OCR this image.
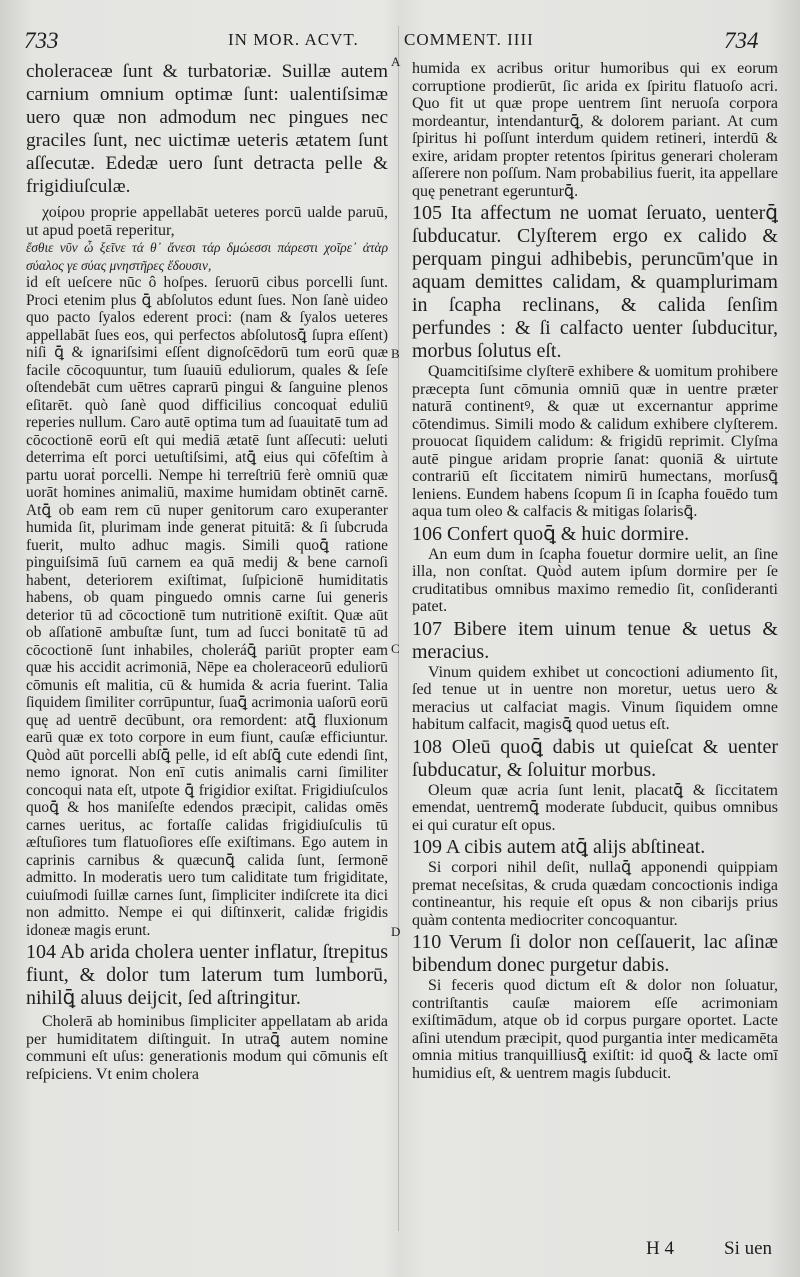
733	IN MOR. ACVT.	COMMENT. IIII	734

choleraceæ ſunt & turbatoriæ. Suillæ autem carnium omnium optimæ ſunt: ualentiſsimæ uero quæ non admodum nec pingues nec graciles ſunt, nec uictimæ ueteris ætatem ſunt aſſecutæ. Ededæ uero ſunt detracta pelle & frigidiuſculæ.

χοίρου proprie appellabāt ueteres porcū ualde paruū, ut apud poetā reperitur,

ἔσθιε νῦν ὦ ξεῖνε τά θ᾽ ἄνεσι τάρ δμώεσσι πάρεστι χοῖρε᾽ ἀτὰρ σύαλος γε σύας μνηστῆρες ἔδουσιν,

id eſt ueſcere nūc ô hoſpes. ſeruorū cibus porcelli ſunt. Proci etenim plus ꝗ̄ abſolutos edunt ſues. Non ſanè uideo quo pacto ſyalos ederent proci: (nam & ſyalos ueteres appellabāt ſues eos, qui perfectos abſolutosꝗ̄ ſupra eſſent) niſi ꝗ̄ & ignariſsimi eſſent dignoſcēdorū tum eorū quæ facile cōcoquuntur, tum ſuauiū eduliorum, quales & ſeſe oſtendebāt cum uētres caprarū pingui & ſanguine plenos eſitarēt. quò ſanè quod difficilius concoquaṫ eduliū reperies nullum. Caro autē optima tum ad ſuauitatē tum ad cōcoctionē eorū eſt qui mediā ætatē ſunt aſſecuti: ueluti deterrima eſt porci uetuſtiſsimi, atꝗ̄ eius qui cōfeſtim à partu uoraṫ porcelli. Nempe hi terreſtriū ferè omniū quæ uorāt homines animaliū, maxime humidam obtinēt carnē. Atꝗ̄ ob eam rem cū nuper genitorum caro exuperanter humida ſit, plurimam inde generat pituitā: & ſi ſubcruda fuerit, multo adhuc magis. Simili quoꝗ̄ ratione pinguiſsimā ſuū carnem ea quā medij & bene carnoſi habent, deteriorem exiſtimat, ſuſpicionē humiditatis habens, ob quam pinguedo omnis carne ſui generis deterior tū ad cōcoctionē tum nutritionē exiſtit. Quæ aūt ob aſſationē ambuſtæ ſunt, tum ad ſucci bonitatē tū ad cōcoctionē ſunt inhabiles, choleráꝗ̄ pariūt propter eam quæ his accidit acrimoniā, Nēpe ea choleraceorū eduliorū cōmunis eſt malitia, cū & humida & acria fuerint. Talia ſiquidem ſimiliter corrūpuntur, ſuaꝗ̄ acrimonia uaſorū eorū quę ad uentrē decūbunt, ora remordent: atꝗ̄ fluxionum earū quæ ex toto corpore in eum fiunt, cauſæ efficiuntur. Quòd aūt porcelli abſꝗ̄ pelle, id eſt abſꝗ̄ cute edendi ſint, nemo ignorat. Non enī cutis animalis carni ſimiliter concoqui nata eſt, utpote ꝗ̄ frigidior exiſtat. Frigidiuſculos quoꝗ̄ & hos maniſeſte edendos præcipit, calidas omēs carnes ueritus, ac fortaſſe calidas frigidiuſculis tū æſtuſiores tum flatuoſiores eſſe exiſtimans. Ego autem in caprinis carnibus & quæcunꝗ̄ calida ſunt, ſermonē admitto. In moderatis uero tum caliditate tum frigiditate, cuiuſmodi ſuillæ carnes ſunt, ſimpliciter indiſcrete ita dici non admitto. Nempe ei qui diſtinxerit, calidæ frigidis idoneæ magis erunt.

104 Ab arida cholera uenter inflatur, ſtrepitus fiunt, & dolor tum laterum tum lumborū, nihilꝗ̄ aluus deijcit, ſed aſtringitur.

Cholerā ab hominibus ſimpliciter appellatam ab arida per humiditatem diſtinguit. In utraꝗ̄ autem nomine communi eſt uſus: generationis modum qui cōmunis eſt reſpiciens. Vt enim cholera

A
B
C
D

humida ex acribus oritur humoribus qui ex eorum corruptione prodierūt, ſic arida ex ſpiritu flatuoſo acri. Quo fit ut quæ prope uentrem ſint neruoſa corpora mordeantur, intendanturꝗ̄, & dolorem pariant. At cum ſpiritus hi poſſunt interdum quidem retineri, interdū & exire, aridam propter retentos ſpiritus generari choleram aſſerere non poſſum. Nam probabilius fuerit, ita appellare quę penetrant egerunturꝗ̄.

105 Ita affectum ne uomat ſeruato, uenterꝗ̄ ſubducatur. Clyſterem ergo ex calido & perquam pingui adhibebis, peruncūm'que in aquam demittes calidam, & quamplurimam in ſcapha reclinans, & calida ſenſim perfundes : & ſi calfacto uenter ſubducitur, morbus ſolutus eſt.

Quamcitiſsime clyſterē exhibere & uomitum prohibere præcepta ſunt cōmunia omniū quæ in uentre præter naturā continentꝰ, & quæ ut excernantur apprime cōtendimus. Simili modo & calidum exhibere clyſterem. prouocat ſiquidem calidum: & frigidū reprimit. Clyſma autē pingue aridam proprie ſanat: quoniā & uirtute contrariū eſt ſiccitatem nimirū humectans, morſusꝗ̄ leniens. Eundem habens ſcopum ſi in ſcapha fouēdo tum aqua tum oleo & calfacis & mitigas ſolarisꝗ̄.

106 Confert quoꝗ̄ & huic dormire.

An eum dum in ſcapha fouetur dormire uelit, an ſine illa, non conſtat. Quòd autem ipſum dormire per ſe cruditatibus omnibus maximo remedio ſit, conſideranti patet.

107 Bibere item uinum tenue & uetus & meracius.

Vinum quidem exhibet ut concoctioni adiumento ſit, ſed tenue ut in uentre non moretur, uetus uero & meracius ut calfaciat magis. Vinum ſiquidem omne habitum calfacit, magisꝗ̄ quod uetus eſt.

108 Oleū quoꝗ̄ dabis ut quieſcat & uenter ſubducatur, & ſoluitur morbus.

Oleum quæ acria ſunt lenit, placatꝗ̄ & ſiccitatem emendat, uentremꝗ̄ moderate ſubducit, quibus omnibus ei qui curatur eſt opus.

109 A cibis autem atꝗ̄ alijs abſtineat.

Si corpori nihil deſit, nullaꝗ̄ apponendi quippiam premat neceſsitas, & cruda quædam concoctionis indiga contineantur, his requie eſt opus & non cibarijs prius quàm contenta mediocriter concoquantur.

110 Verum ſi dolor non ceſſauerit, lac aſinæ bibendum donec purgetur dabis.

Si feceris quod dictum eſt & dolor non ſoluatur, contriſtantis cauſæ maiorem eſſe acrimoniam exiſtimādum, atque ob id corpus purgare oportet. Lacte aſini utendum præcipit, quod purgantia inter medicamēta omnia mitius tranquilliusꝗ̄ exiſtit: id quoꝗ̄ & lacte omī humidius eſt, & uentrem magis ſubducit.

H 4	Si uen
